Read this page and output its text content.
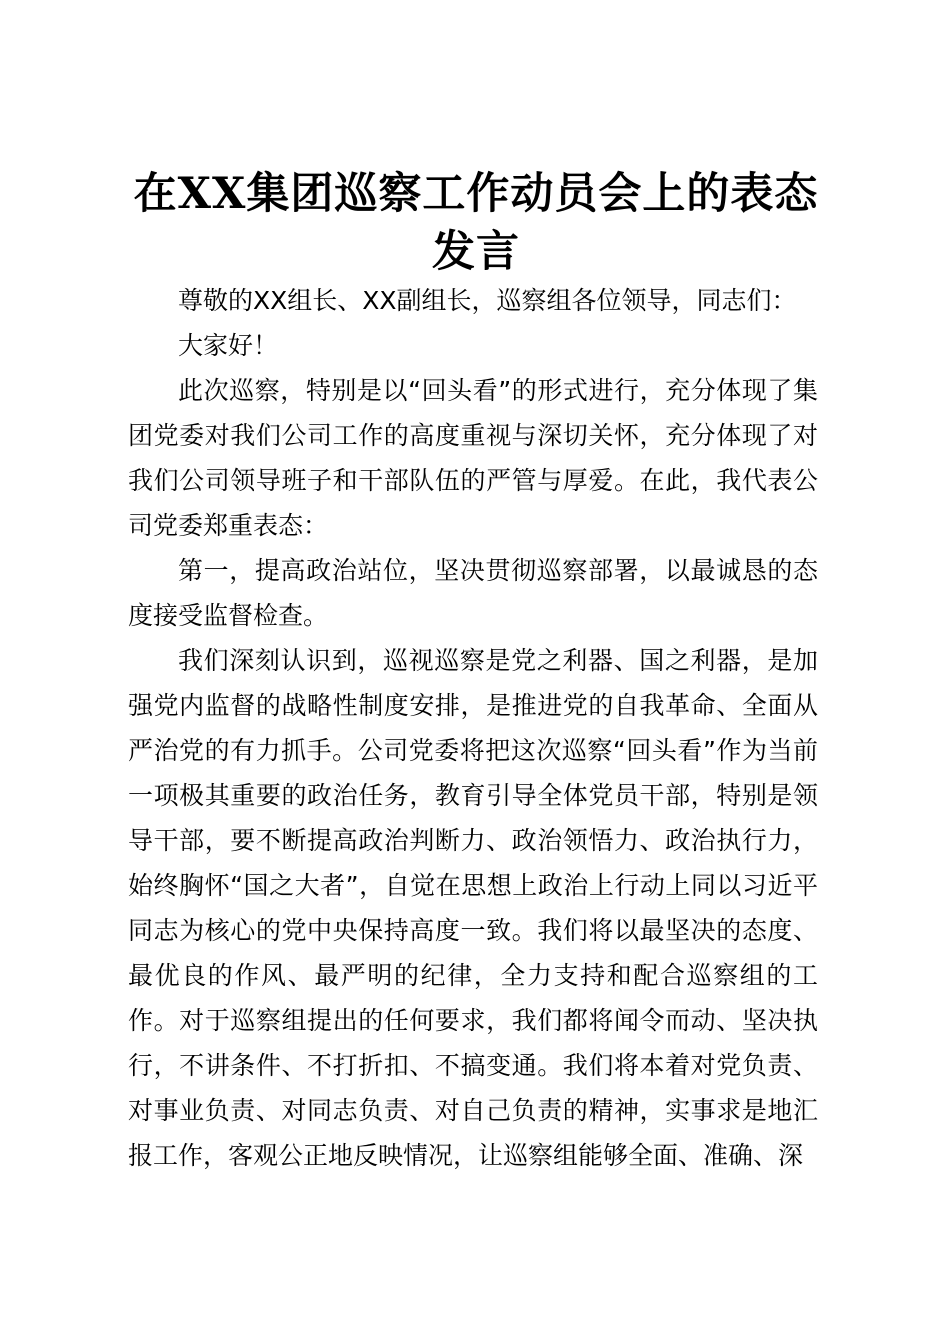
在XX集团巡察工作动员会上的表态发言

尊敬的XX组长、XX副组长，巡察组各位领导，同志们：

大家好！

此次巡察，特别是以“回头看”的形式进行，充分体现了集团党委对我们公司工作的高度重视与深切关怀，充分体现了对我们公司领导班子和干部队伍的严管与厚爱。在此，我代表公司党委郑重表态：

第一，提高政治站位，坚决贯彻巡察部署，以最诚恳的态度接受监督检查。

我们深刻认识到，巡视巡察是党之利器、国之利器，是加强党内监督的战略性制度安排，是推进党的自我革命、全面从严治党的有力抓手。公司党委将把这次巡察“回头看”作为当前一项极其重要的政治任务，教育引导全体党员干部，特别是领导干部，要不断提高政治判断力、政治领悟力、政治执行力，始终胸怀“国之大者”，自觉在思想上政治上行动上同以习近平同志为核心的党中央保持高度一致。我们将以最坚决的态度、最优良的作风、最严明的纪律，全力支持和配合巡察组的工作。对于巡察组提出的任何要求，我们都将闻令而动、坚决执行，不讲条件、不打折扣、不搞变通。我们将本着对党负责、对事业负责、对同志负责、对自己负责的精神，实事求是地汇报工作，客观公正地反映情况，让巡察组能够全面、准确、深
